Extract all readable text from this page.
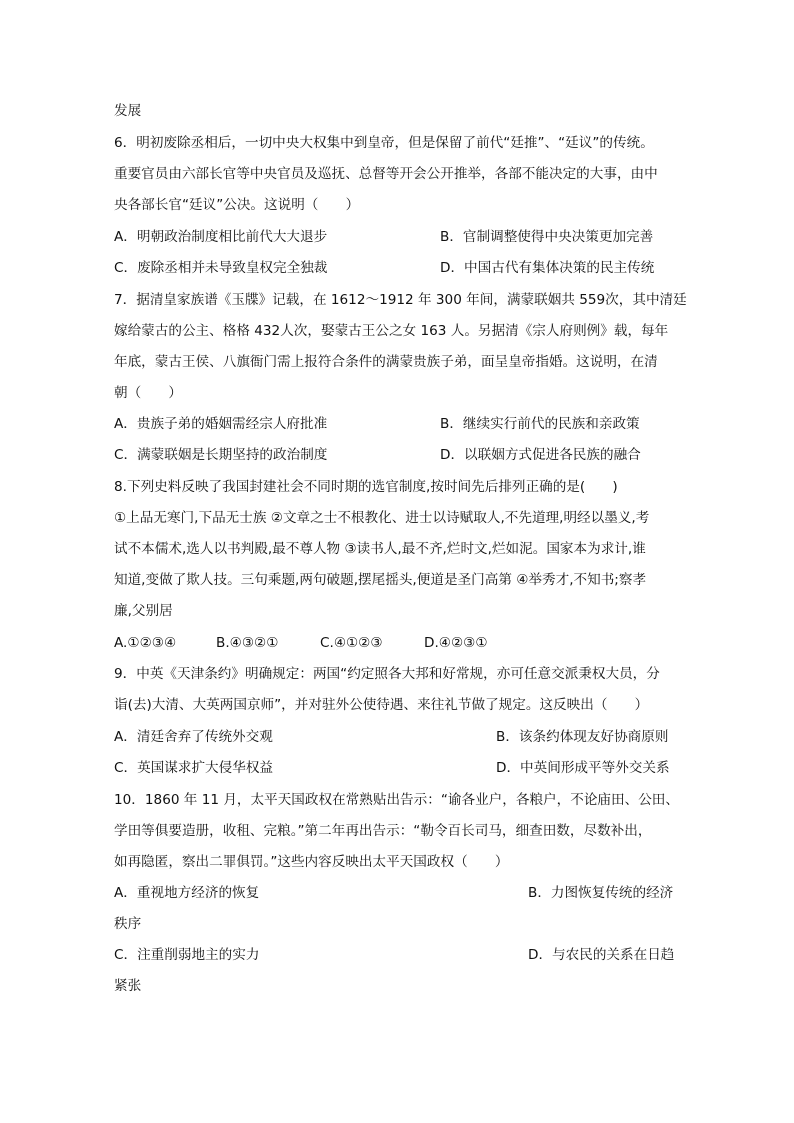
发展
6．明初废除丞相后，一切中央大权集中到皇帝，但是保留了前代“廷推”、“廷议”的传统。
重要官员由六部长官等中央官员及巡抚、总督等开会公开推举，各部不能决定的大事，由中
央各部长官“廷议”公决。这说明（　　）
A．明朝政治制度相比前代大大退步	B．官制调整使得中央决策更加完善
C．废除丞相并未导致皇权完全独裁	D．中国古代有集体决策的民主传统
7．据清皇家族谱《玉牒》记载，在 1612～1912 年 300 年间，满蒙联姻共 559次，其中清廷
嫁给蒙古的公主、格格 432人次，娶蒙古王公之女 163 人。另据清《宗人府则例》载，每年
年底，蒙古王侯、八旗衙门需上报符合条件的满蒙贵族子弟，面呈皇帝指婚。这说明，在清
朝（　　）
A．贵族子弟的婚姻需经宗人府批准	B．继续实行前代的民族和亲政策
C．满蒙联姻是长期坚持的政治制度	D．以联姻方式促进各民族的融合
8.下列史料反映了我国封建社会不同时期的选官制度,按时间先后排列正确的是(　　)
①上品无寒门,下品无士族 ②文章之士不根教化、进士以诗赋取人,不先道理,明经以墨义,考
试不本儒术,选人以书判殿,最不尊人物 ③读书人,最不齐,烂时文,烂如泥。国家本为求计,谁
知道,变做了欺人技。三句乘题,两句破题,摆尾摇头,便道是圣门高第 ④举秀才,不知书;察孝
廉,父别居
A.①②③④	B.④③②①	C.④①②③	D.④②③①
9．中英《天津条约》明确规定：两国“约定照各大邦和好常规，亦可任意交派秉权大员，分
诣(去)大清、大英两国京师”，并对驻外公使待遇、来往礼节做了规定。这反映出（　　）
A．清廷舍弃了传统外交观	B．该条约体现友好协商原则
C．英国谋求扩大侵华权益	D．中英间形成平等外交关系
10．1860 年 11 月，太平天国政权在常熟贴出告示：“谕各业户，各粮户，不论庙田、公田、
学田等俱要造册，收租、完粮。”第二年再出告示：“勒令百长司马，细查田数，尽数补出，
如再隐匿，察出二罪俱罚。”这些内容反映出太平天国政权（　　）
A．重视地方经济的恢复	B．力图恢复传统的经济
秩序
C．注重削弱地主的实力	D．与农民的关系在日趋
紧张
